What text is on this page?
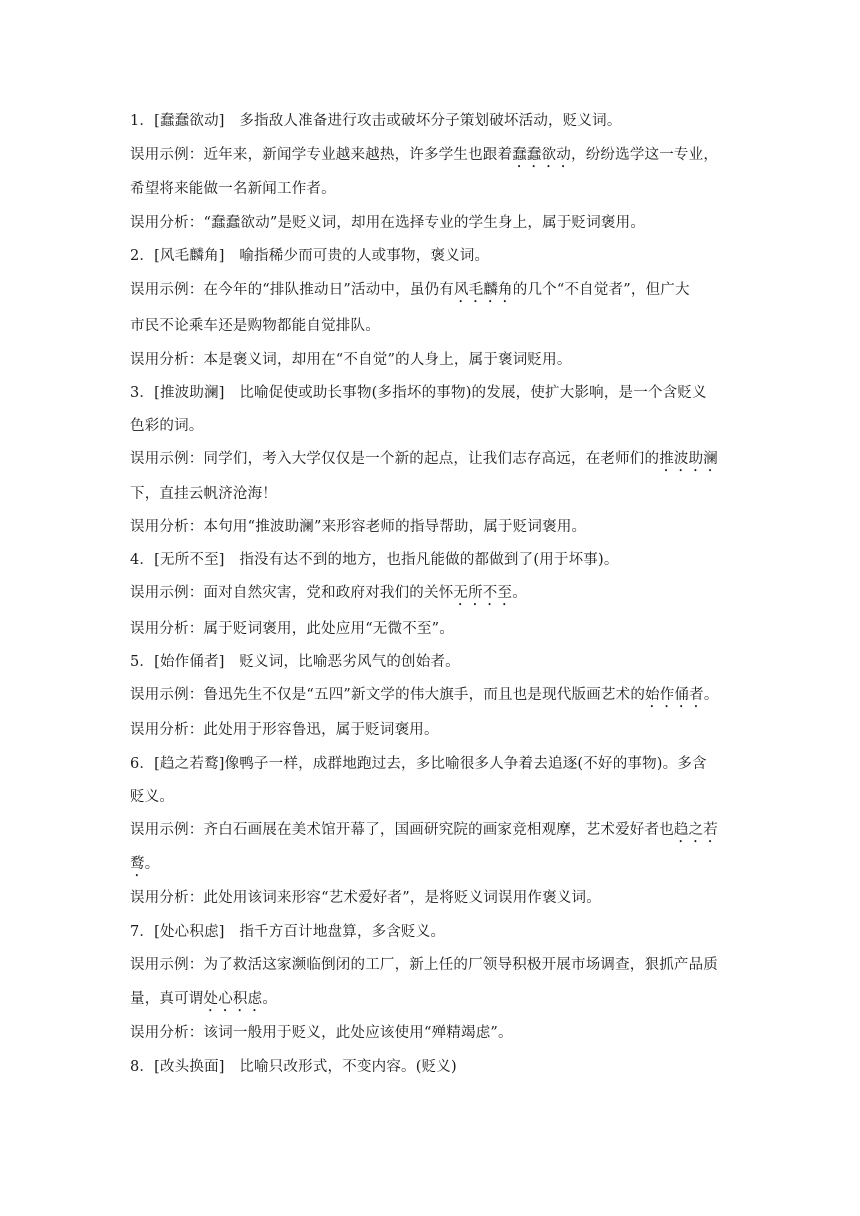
1．[蠢蠢欲动]　多指敌人准备进行攻击或破坏分子策划破坏活动，贬义词。
误用示例：近年来，新闻学专业越来越热，许多学生也跟着蠢蠢欲动，纷纷选学这一专业，
希望将来能做一名新闻工作者。
误用分析：“蠢蠢欲动”是贬义词，却用在选择专业的学生身上，属于贬词褒用。
2．[风毛麟角]　喻指稀少而可贵的人或事物，褒义词。
误用示例：在今年的“排队推动日”活动中，虽仍有风毛麟角的几个“不自觉者”，但广大
市民不论乘车还是购物都能自觉排队。
误用分析：本是褒义词，却用在“不自觉”的人身上，属于褒词贬用。
3．[推波助澜]　比喻促使或助长事物(多指坏的事物)的发展，使扩大影响，是一个含贬义
色彩的词。
误用示例：同学们，考入大学仅仅是一个新的起点，让我们志存高远，在老师们的推波助澜
下，直挂云帆济沧海！
误用分析：本句用“推波助澜”来形容老师的指导帮助，属于贬词褒用。
4．[无所不至]　指没有达不到的地方，也指凡能做的都做到了(用于坏事)。
误用示例：面对自然灾害，党和政府对我们的关怀无所不至。
误用分析：属于贬词褒用，此处应用“无微不至”。
5．[始作俑者]　贬义词，比喻恶劣风气的创始者。
误用示例：鲁迅先生不仅是“五四”新文学的伟大旗手，而且也是现代版画艺术的始作俑者。
误用分析：此处用于形容鲁迅，属于贬词褒用。
6．[趋之若鹜]像鸭子一样，成群地跑过去，多比喻很多人争着去追逐(不好的事物)。多含
贬义。
误用示例：齐白石画展在美术馆开幕了，国画研究院的画家竞相观摩，艺术爱好者也趋之若
鹜。
误用分析：此处用该词来形容“艺术爱好者”，是将贬义词误用作褒义词。
7．[处心积虑]　指千方百计地盘算，多含贬义。
误用示例：为了救活这家濒临倒闭的工厂，新上任的厂领导积极开展市场调查，狠抓产品质
量，真可谓处心积虑。
误用分析：该词一般用于贬义，此处应该使用“殚精竭虑”。
8．[改头换面]　比喻只改形式，不变内容。(贬义)
